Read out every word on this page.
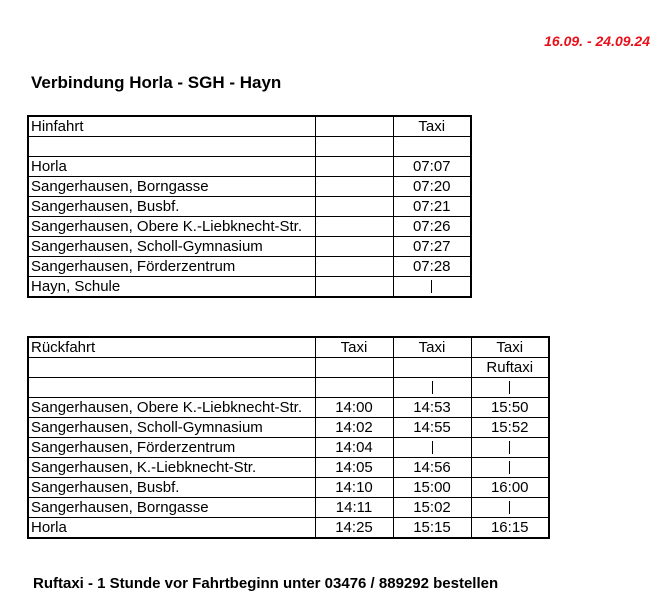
16.09. - 24.09.24
Verbindung Horla - SGH - Hayn
Hinfahrt		Taxi

Horla		07:07
Sangerhausen, Borngasse		07:20
Sangerhausen, Busbf.		07:21
Sangerhausen, Obere K.-Liebknecht-Str.		07:26
Sangerhausen, Scholl-Gymnasium		07:27
Sangerhausen, Förderzentrum		07:28
Hayn, Schule		
Rückfahrt	Taxi	Taxi	Taxi
			Ruftaxi

Sangerhausen, Obere K.-Liebknecht-Str.	14:00	14:53	15:50
Sangerhausen, Scholl-Gymnasium	14:02	14:55	15:52
Sangerhausen, Förderzentrum	14:04		
Sangerhausen, K.-Liebknecht-Str.	14:05	14:56	
Sangerhausen, Busbf.	14:10	15:00	16:00
Sangerhausen, Borngasse	14:11	15:02	
Horla	14:25	15:15	16:15
Ruftaxi - 1 Stunde vor Fahrtbeginn unter 03476 / 889292 bestellen
